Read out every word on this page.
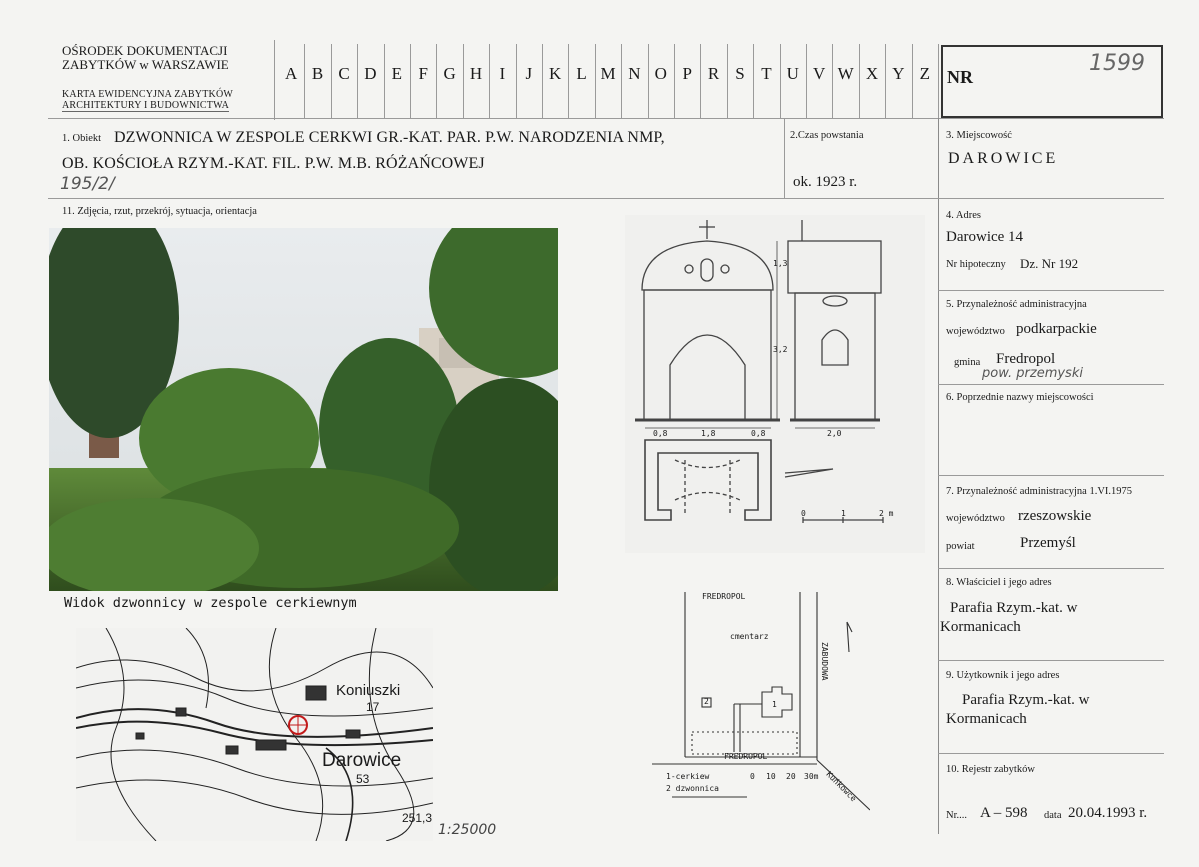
OŚRODEK DOKUMENTACJI
ZABYTKÓW w WARSZAWIE
KARTA EWIDENCYJNA ZABYTKÓW
ARCHITEKTURY I BUDOWNICTWA
A B C D E F G H	I	J K L M N O P R S T U V W X Y Z NR
1599
1. Obiekt DZWONNICA W ZESPOLE CERKWI GR.-KAT. PAR. P.W. NARODZENIA NMP,
OB. KOŚCIOŁA RZYM.-KAT. FIL. P.W. M.B. RÓŻAŃCOWEJ
195/2/
2.Czas powstania
ok. 1923 r.
3. Miejscowość
DAROWICE
11. Zdjęcia, rzut, przekrój, sytuacja, orientacja
Widok dzwonnicy w zespole cerkiewnym
1,3
3,2
0,8	1,8	0,8	2,0
0	1	2 m
cmentarz
ZABUDOWA
FREDROPOL
FREDROPOL
Kuńkowce
1
2
1-cerkiew
2 dzwonnica
0 10 20 30m
Koniuszki
17
Darowice
53
251,3
1:25000
4. Adres
Darowice 14
Nr hipoteczny Dz. Nr 192
5. Przynależność administracyjna
województwo podkarpackie
gmina Fredropol
pow. przemyski
6. Poprzednie nazwy miejscowości
7. Przynależność administracyjna 1.VI.1975
województwo rzeszowskie
powiat	Przemyśl
8. Właściciel i jego adres
Parafia Rzym.-kat. w
Kormanicach
9. Użytkownik i jego adres
Parafia Rzym.-kat. w
Kormanicach
10. Rejestr zabytków
Nr.... A – 598 data 20.04.1993 r.
